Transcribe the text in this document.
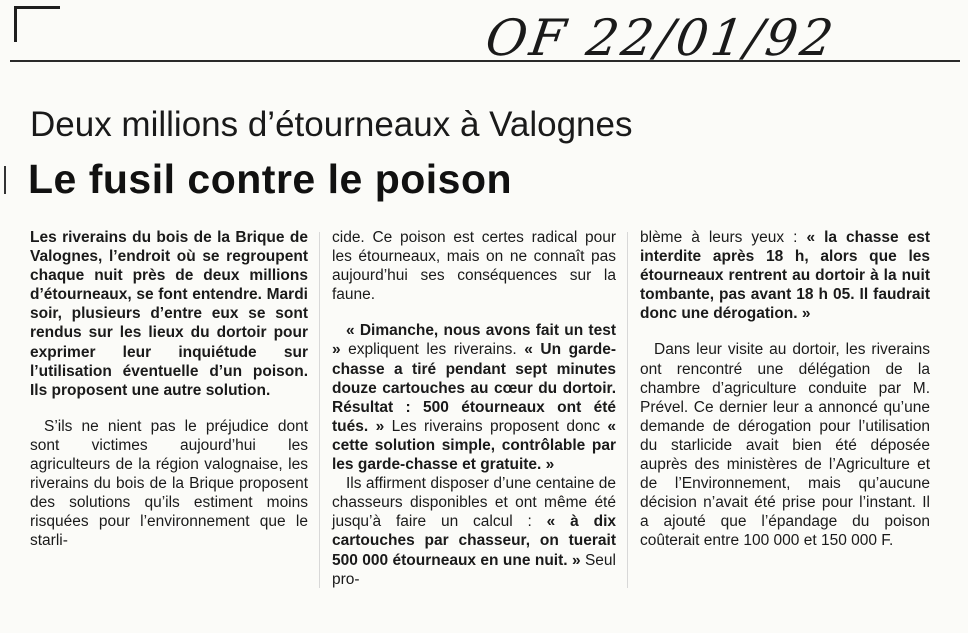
OF 22/01/92
Deux millions d’étourneaux à Valognes
Le fusil contre le poison

Les riverains du bois de la Brique de Valognes, l’endroit où se regroupent chaque nuit près de deux millions d’étourneaux, se font entendre. Mardi soir, plusieurs d’entre eux se sont rendus sur les lieux du dortoir pour exprimer leur inquiétude sur l’utilisation éventuelle d’un poison. Ils proposent une autre solution.

S’ils ne nient pas le préjudice dont sont victimes aujourd’hui les agriculteurs de la région valognaise, les riverains du bois de la Brique proposent des solutions qu’ils estiment moins risquées pour l’environnement que le starli-

cide. Ce poison est certes radical pour les étourneaux, mais on ne connaît pas aujourd’hui ses conséquences sur la faune.

« Dimanche, nous avons fait un test » expliquent les riverains. « Un garde-chasse a tiré pendant sept minutes douze cartouches au cœur du dortoir. Résultat : 500 étourneaux ont été tués. » Les riverains proposent donc « cette solution simple, contrôlable par les garde-chasse et gratuite. »

Ils affirment disposer d’une centaine de chasseurs disponibles et ont même été jusqu’à faire un calcul : « à dix cartouches par chasseur, on tuerait 500 000 étourneaux en une nuit. » Seul pro-

blème à leurs yeux : « la chasse est interdite après 18 h, alors que les étourneaux rentrent au dortoir à la nuit tombante, pas avant 18 h 05. Il faudrait donc une dérogation. »

Dans leur visite au dortoir, les riverains ont rencontré une délégation de la chambre d’agriculture conduite par M. Prével. Ce dernier leur a annoncé qu’une demande de dérogation pour l’utilisation du starlicide avait bien été déposée auprès des ministères de l’Agriculture et de l’Environnement, mais qu’aucune décision n’avait été prise pour l’instant. Il a ajouté que l’épandage du poison coûterait entre 100 000 et 150 000 F.
